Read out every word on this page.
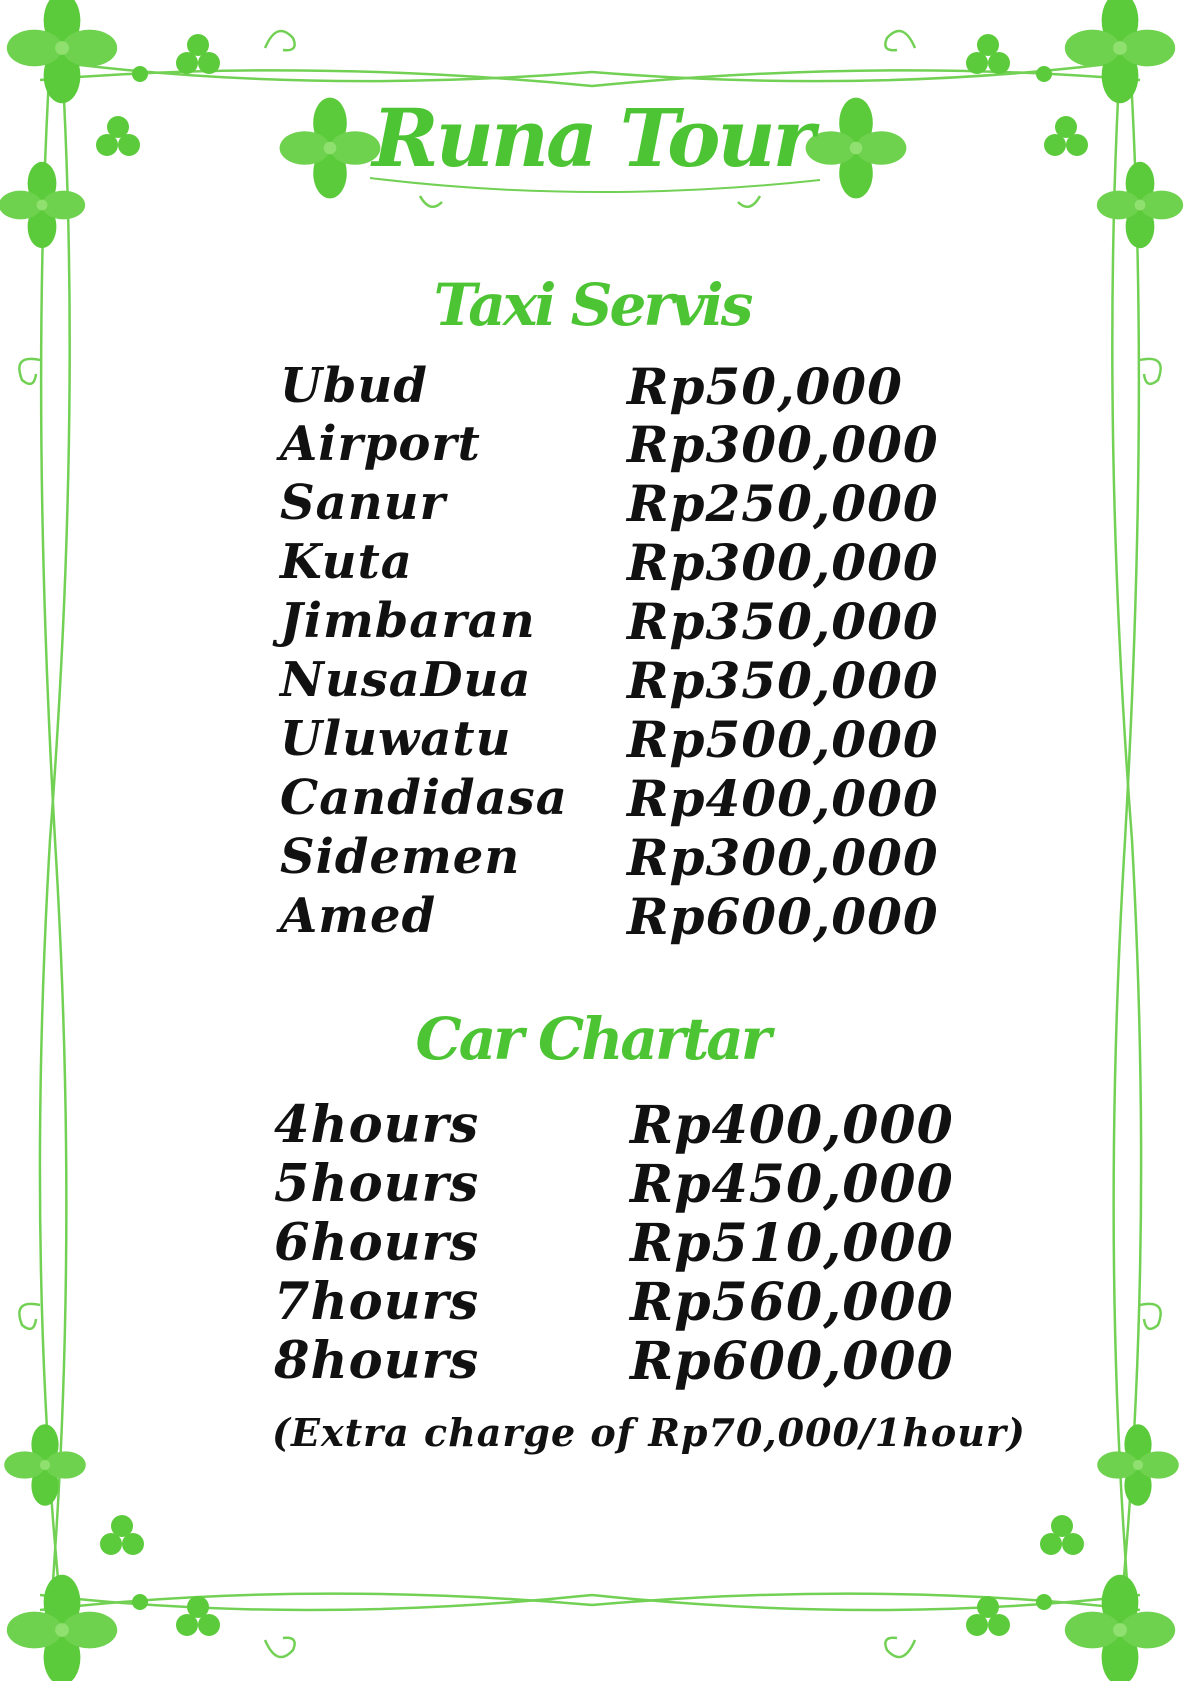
Runa Tour
Taxi Servis
Ubud	Rp50,000
Airport	Rp300,000
Sanur	Rp250,000
Kuta	Rp300,000
Jimbaran Rp350,000
NusaDua Rp350,000
Uluwatu Rp500,000
Candidasa Rp400,000
Sidemen Rp300,000
Amed	Rp600,000
Car Chartar
4hours	Rp400,000
5hours	Rp450,000
6hours	Rp510,000
7hours	Rp560,000
8hours	Rp600,000
(Extra charge of Rp70,000/1hour)
